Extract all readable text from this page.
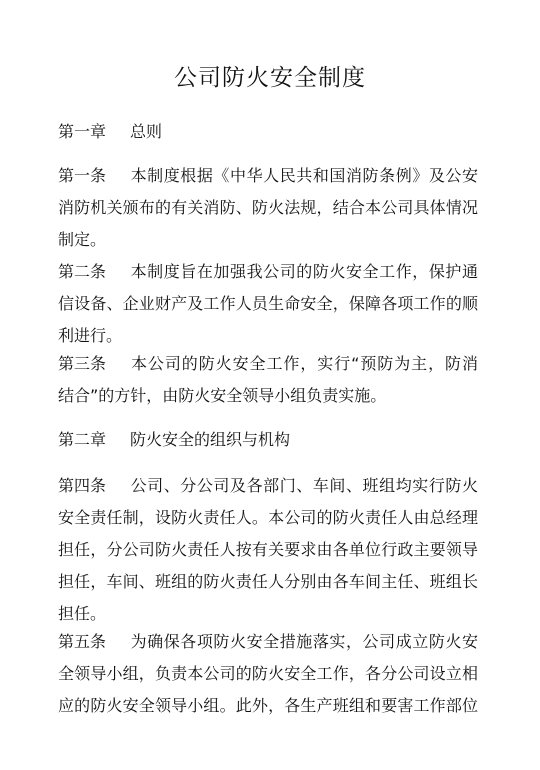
公司防火安全制度
第一章 总则
第一条 本制度根据《中华人民共和国消防条例》及公安
消防机关颁布的有关消防、防火法规，结合本公司具体情况
制定。
第二条 本制度旨在加强我公司的防火安全工作，保护通
信设备、企业财产及工作人员生命安全，保障各项工作的顺
利进行。
第三条 本公司的防火安全工作，实行“预防为主，防消
结合”的方针，由防火安全领导小组负责实施。
第二章 防火安全的组织与机构
第四条 公司、分公司及各部门、车间、班组均实行防火
安全责任制，设防火责任人。本公司的防火责任人由总经理
担任，分公司防火责任人按有关要求由各单位行政主要领导
担任，车间、班组的防火责任人分别由各车间主任、班组长
担任。
第五条 为确保各项防火安全措施落实，公司成立防火安
全领导小组，负责本公司的防火安全工作，各分公司设立相
应的防火安全领导小组。此外，各生产班组和要害工作部位
